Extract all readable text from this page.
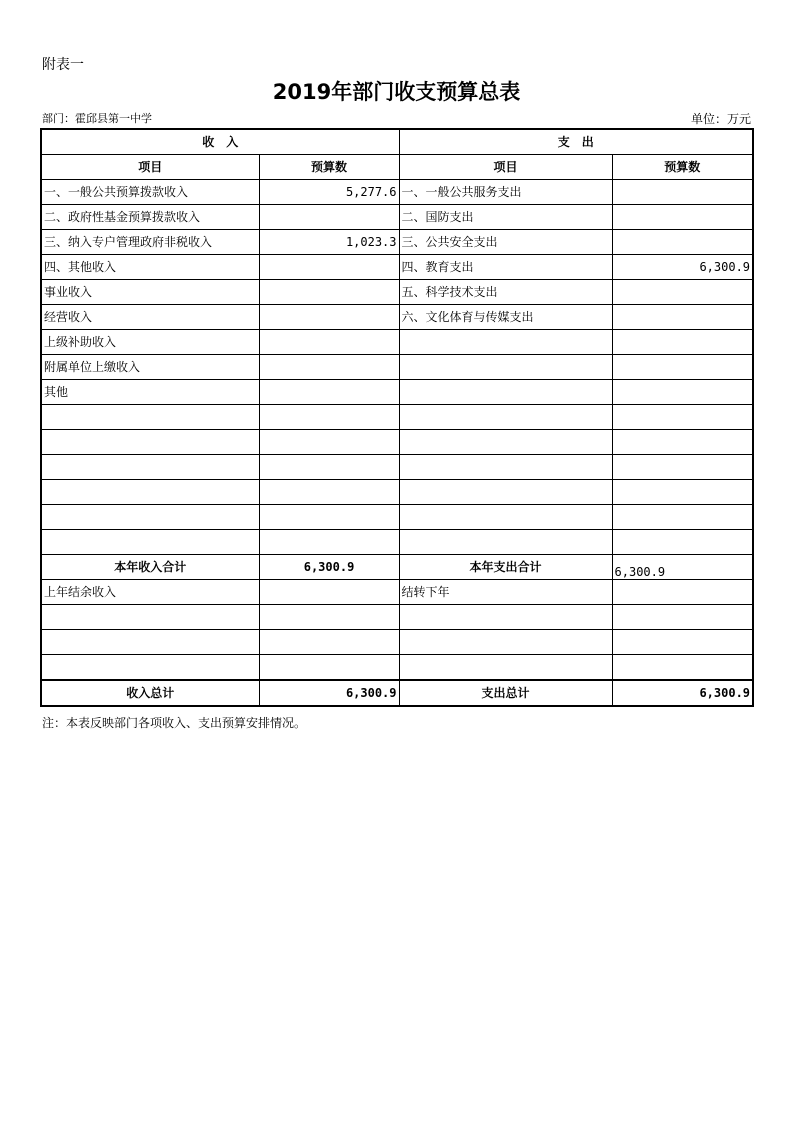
附表一
2019年部门收支预算总表
部门：霍邱县第一中学	单位：万元
收　入		支　出	
项目	预算数	项目	预算数
一、一般公共预算拨款收入	5,277.6	一、一般公共服务支出	
二、政府性基金预算拨款收入		二、国防支出	
三、纳入专户管理政府非税收入	1,023.3	三、公共安全支出	
四、其他收入		四、教育支出	6,300.9
事业收入		五、科学技术支出	
经营收入		六、文化体育与传媒支出	
上级补助收入			
附属单位上缴收入			
其他			

本年收入合计	6,300.9	本年支出合计	6,300.9
上年结余收入		结转下年	

收入总计	6,300.9	支出总计	6,300.9
注：本表反映部门各项收入、支出预算安排情况。
